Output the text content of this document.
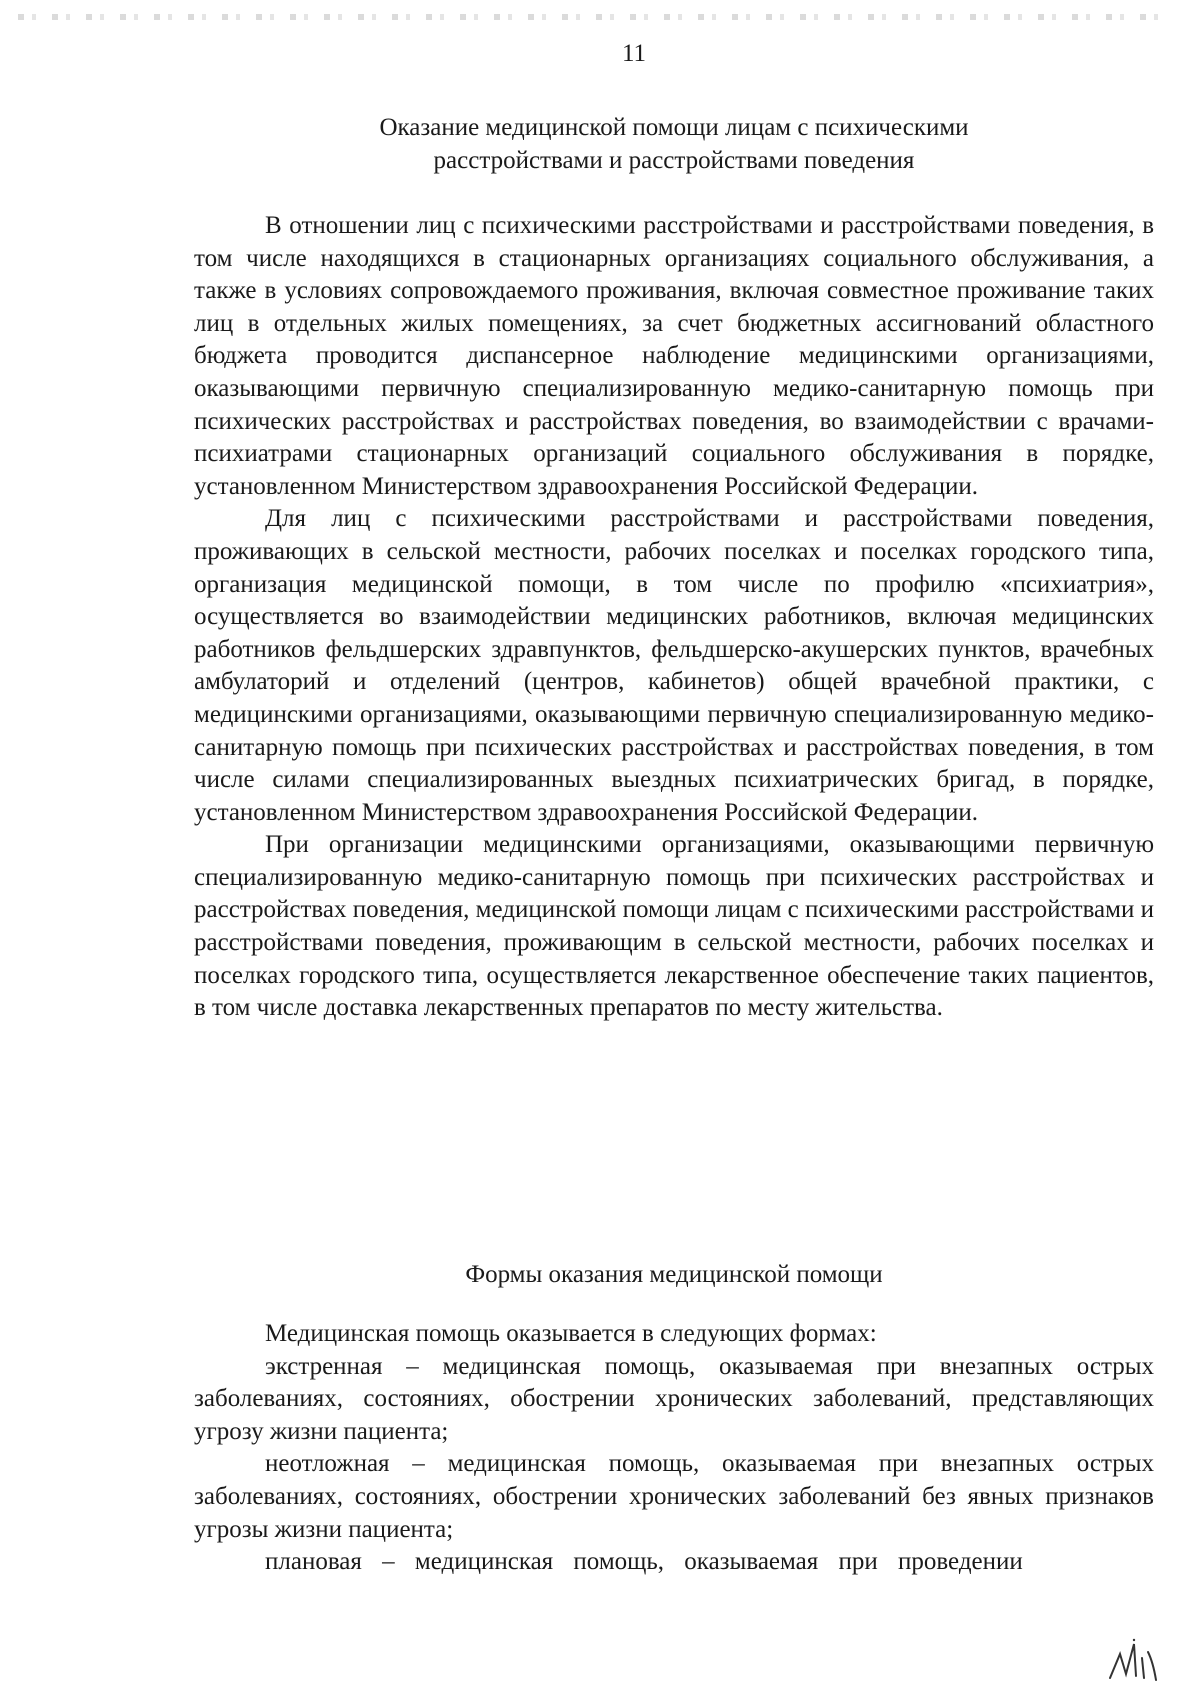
11
Оказание медицинской помощи лицам с психическими
расстройствами и расстройствами поведения

В отношении лиц с психическими расстройствами и расстройствами поведения, в том числе находящихся в стационарных организациях социального обслуживания, а также в условиях сопровождаемого проживания, включая совместное проживание таких лиц в отдельных жилых помещениях, за счет бюджетных ассигнований областного бюджета проводится диспансерное наблюдение медицинскими организациями, оказывающими первичную специализированную медико-санитарную помощь при психических расстройствах и расстройствах поведения, во взаимодействии с врачами-психиатрами стационарных организаций социального обслуживания в порядке, установленном Министерством здравоохранения Российской Федерации.

Для лиц с психическими расстройствами и расстройствами поведения, проживающих в сельской местности, рабочих поселках и поселках городского типа, организация медицинской помощи, в том числе по профилю «психиатрия», осуществляется во взаимодействии медицинских работников, включая медицинских работников фельдшерских здравпунктов, фельдшерско-акушерских пунктов, врачебных амбулаторий и отделений (центров, кабинетов) общей врачебной практики, с медицинскими организациями, оказывающими первичную специализированную медико-санитарную помощь при психических расстройствах и расстройствах поведения, в том числе силами специализированных выездных психиатрических бригад, в порядке, установленном Министерством здравоохранения Российской Федерации.

При организации медицинскими организациями, оказывающими первичную специализированную медико-санитарную помощь при психических расстройствах и расстройствах поведения, медицинской помощи лицам с психическими расстройствами и расстройствами поведения, проживающим в сельской местности, рабочих поселках и поселках городского типа, осуществляется лекарственное обеспечение таких пациентов, в том числе доставка лекарственных препаратов по месту жительства.

Формы оказания медицинской помощи

Медицинская помощь оказывается в следующих формах:

экстренная – медицинская помощь, оказываемая при внезапных острых заболеваниях, состояниях, обострении хронических заболеваний, представляющих угрозу жизни пациента;

неотложная – медицинская помощь, оказываемая при внезапных острых заболеваниях, состояниях, обострении хронических заболеваний без явных признаков угрозы жизни пациента;

плановая – медицинская помощь, оказываемая при проведении
